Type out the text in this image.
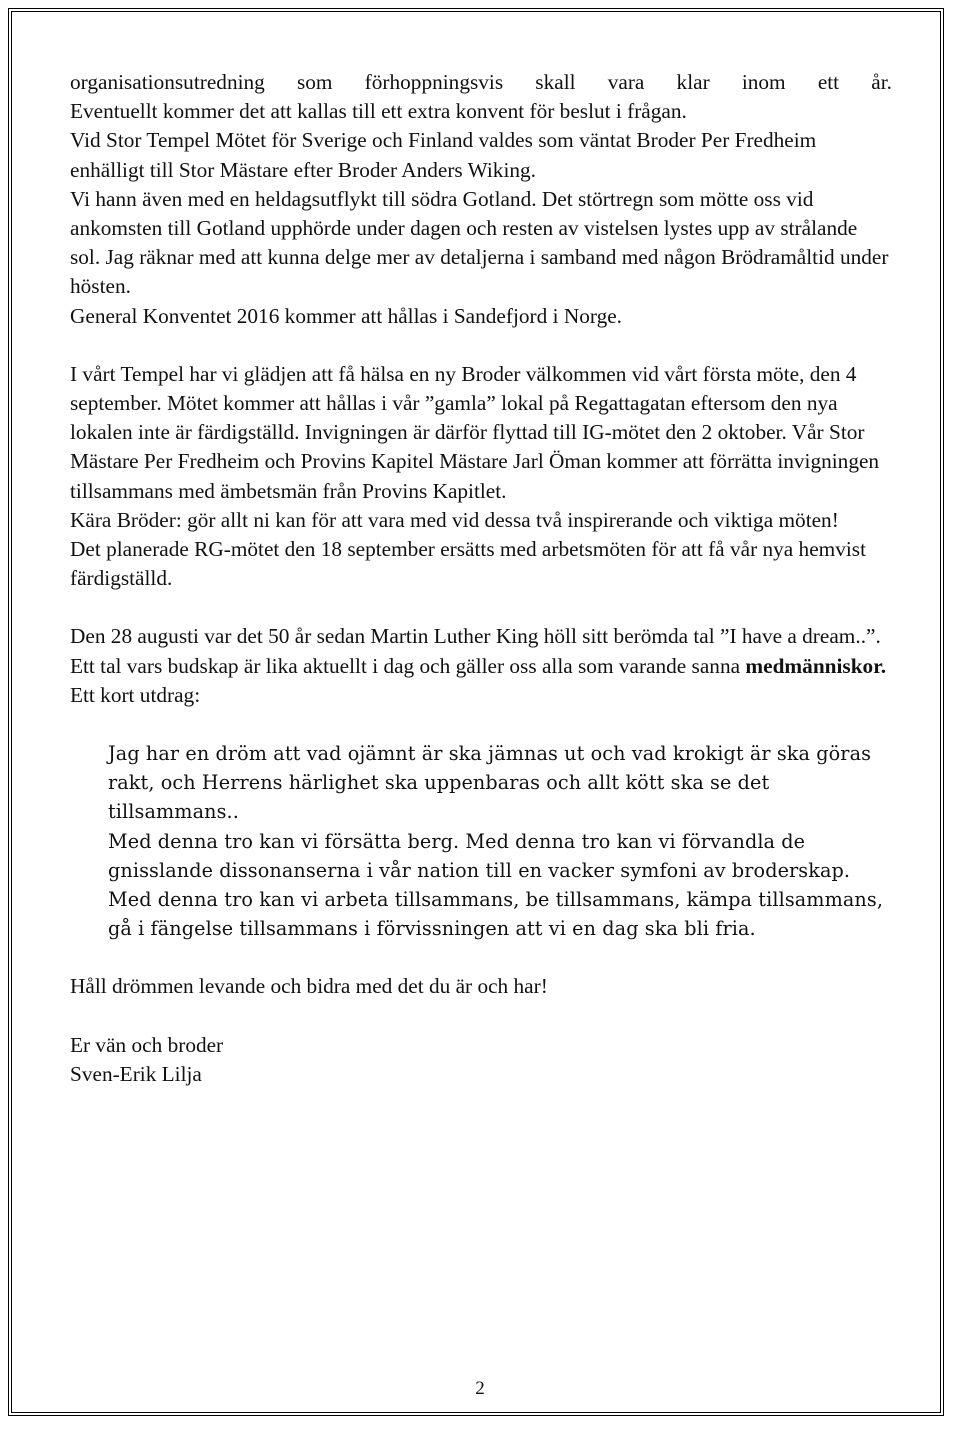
organisationsutredning som förhoppningsvis skall vara klar inom ett år.

Eventuellt kommer det att kallas till ett extra konvent för beslut i frågan.

Vid Stor Tempel Mötet för Sverige och Finland valdes som väntat Broder Per Fredheim enhälligt till Stor Mästare efter Broder Anders Wiking.

Vi hann även med en heldagsutflykt till södra Gotland. Det störtregn som mötte oss vid ankomsten till Gotland upphörde under dagen och resten av vistelsen lystes upp av strålande sol. Jag räknar med att kunna delge mer av detaljerna i samband med någon Brödramåltid under hösten.

General Konventet 2016 kommer att hållas i Sandefjord i Norge.

I vårt Tempel har vi glädjen att få hälsa en ny Broder välkommen vid vårt första möte, den 4 september. Mötet kommer att hållas i vår ”gamla” lokal på Regattagatan eftersom den nya lokalen inte är färdigställd. Invigningen är därför flyttad till IG-mötet den 2 oktober. Vår Stor Mästare Per Fredheim och Provins Kapitel Mästare Jarl Öman kommer att förrätta invigningen tillsammans med ämbetsmän från Provins Kapitlet.

Kära Bröder: gör allt ni kan för att vara med vid dessa två inspirerande och viktiga möten!

Det planerade RG-mötet den 18 september ersätts med arbetsmöten för att få vår nya hemvist färdigställd.

Den 28 augusti var det 50 år sedan Martin Luther King höll sitt berömda tal ”I have a dream..”. Ett tal vars budskap är lika aktuellt i dag och gäller oss alla som varande sanna medmänniskor. Ett kort utdrag:

Jag har en dröm att vad ojämnt är ska jämnas ut och vad krokigt är ska göras rakt, och Herrens härlighet ska uppenbaras och allt kött ska se det tillsammans..

Med denna tro kan vi försätta berg. Med denna tro kan vi förvandla de gnisslande dissonanserna i vår nation till en vacker symfoni av broderskap. Med denna tro kan vi arbeta tillsammans, be tillsammans, kämpa tillsammans, gå i fängelse tillsammans i förvissningen att vi en dag ska bli fria.

Håll drömmen levande och bidra med det du är och har!

Er vän och broder

Sven-Erik Lilja

2
